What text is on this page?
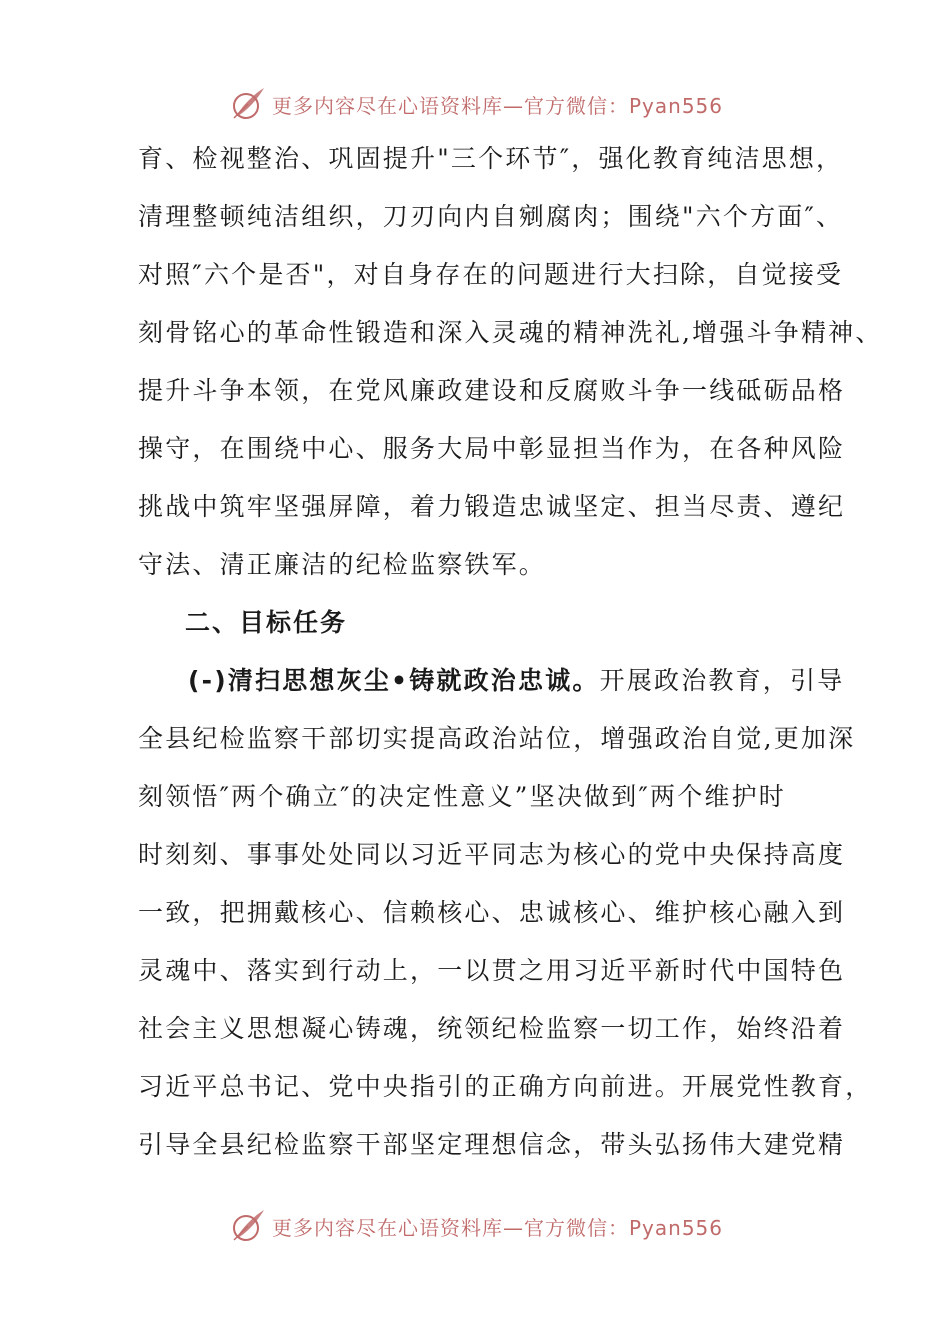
更多内容尽在心语资料库—官方微信：Pyan556
育、检视整治、巩固提升"三个环节″，强化教育纯洁思想，
清理整顿纯洁组织，刀刃向内自剜腐肉；围绕"六个方面″、
对照″六个是否"，对自身存在的问题进行大扫除，自觉接受
刻骨铭心的革命性锻造和深入灵魂的精神洗礼,增强斗争精神、
提升斗争本领，在党风廉政建设和反腐败斗争一线砥砺品格
操守，在围绕中心、服务大局中彰显担当作为，在各种风险
挑战中筑牢坚强屏障，着力锻造忠诚坚定、担当尽责、遵纪
守法、清正廉洁的纪检监察铁军。
二、目标任务
(-)清扫思想灰尘•铸就政治忠诚。开展政治教育，引导
全县纪检监察干部切实提高政治站位，增强政治自觉,更加深
刻领悟″两个确立″的决定性意义”坚决做到″两个维护时
时刻刻、事事处处同以习近平同志为核心的党中央保持高度
一致，把拥戴核心、信赖核心、忠诚核心、维护核心融入到
灵魂中、落实到行动上，一以贯之用习近平新时代中国特色
社会主义思想凝心铸魂，统领纪检监察一切工作，始终沿着
习近平总书记、党中央指引的正确方向前进。开展党性教育，
引导全县纪检监察干部坚定理想信念，带头弘扬伟大建党精
更多内容尽在心语资料库—官方微信：Pyan556
